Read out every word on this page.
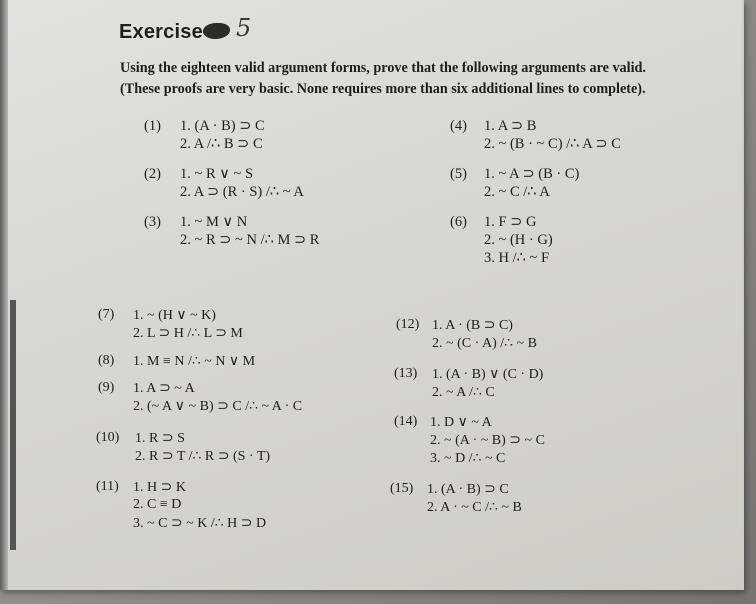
Exercise 5
Using the eighteen valid argument forms, prove that the following arguments are valid.
(These proofs are very basic. None requires more than six additional lines to complete).
(1) 1. (A · B) ⊃ C
2. A /∴ B ⊃ C
(2) 1. ~ R ∨ ~ S
2. A ⊃ (R · S) /∴ ~ A
(3) 1. ~ M ∨ N
2. ~ R ⊃ ~ N /∴ M ⊃ R
(4) 1. A ⊃ B
2. ~ (B · ~ C) /∴ A ⊃ C
(5) 1. ~ A ⊃ (B · C)
2. ~ C /∴ A
(6) 1. F ⊃ G
2. ~ (H · G)
3. H /∴ ~ F
(7) 1. ~ (H ∨ ~ K)
2. L ⊃ H /∴ L ⊃ M
(8) 1. M ≡ N /∴ ~ N ∨ M
(9) 1. A ⊃ ~ A
2. (~ A ∨ ~ B) ⊃ C /∴ ~ A · C
(10) 1. R ⊃ S
2. R ⊃ T /∴ R ⊃ (S · T)
(11) 1. H ⊃ K
2. C ≡ D
3. ~ C ⊃ ~ K /∴ H ⊃ D
(12) 1. A · (B ⊃ C)
2. ~ (C · A) /∴ ~ B
(13) 1. (A · B) ∨ (C · D)
2. ~ A /∴ C
(14) 1. D ∨ ~ A
2. ~ (A · ~ B) ⊃ ~ C
3. ~ D /∴ ~ C
(15) 1. (A · B) ⊃ C
2. A · ~ C /∴ ~ B
